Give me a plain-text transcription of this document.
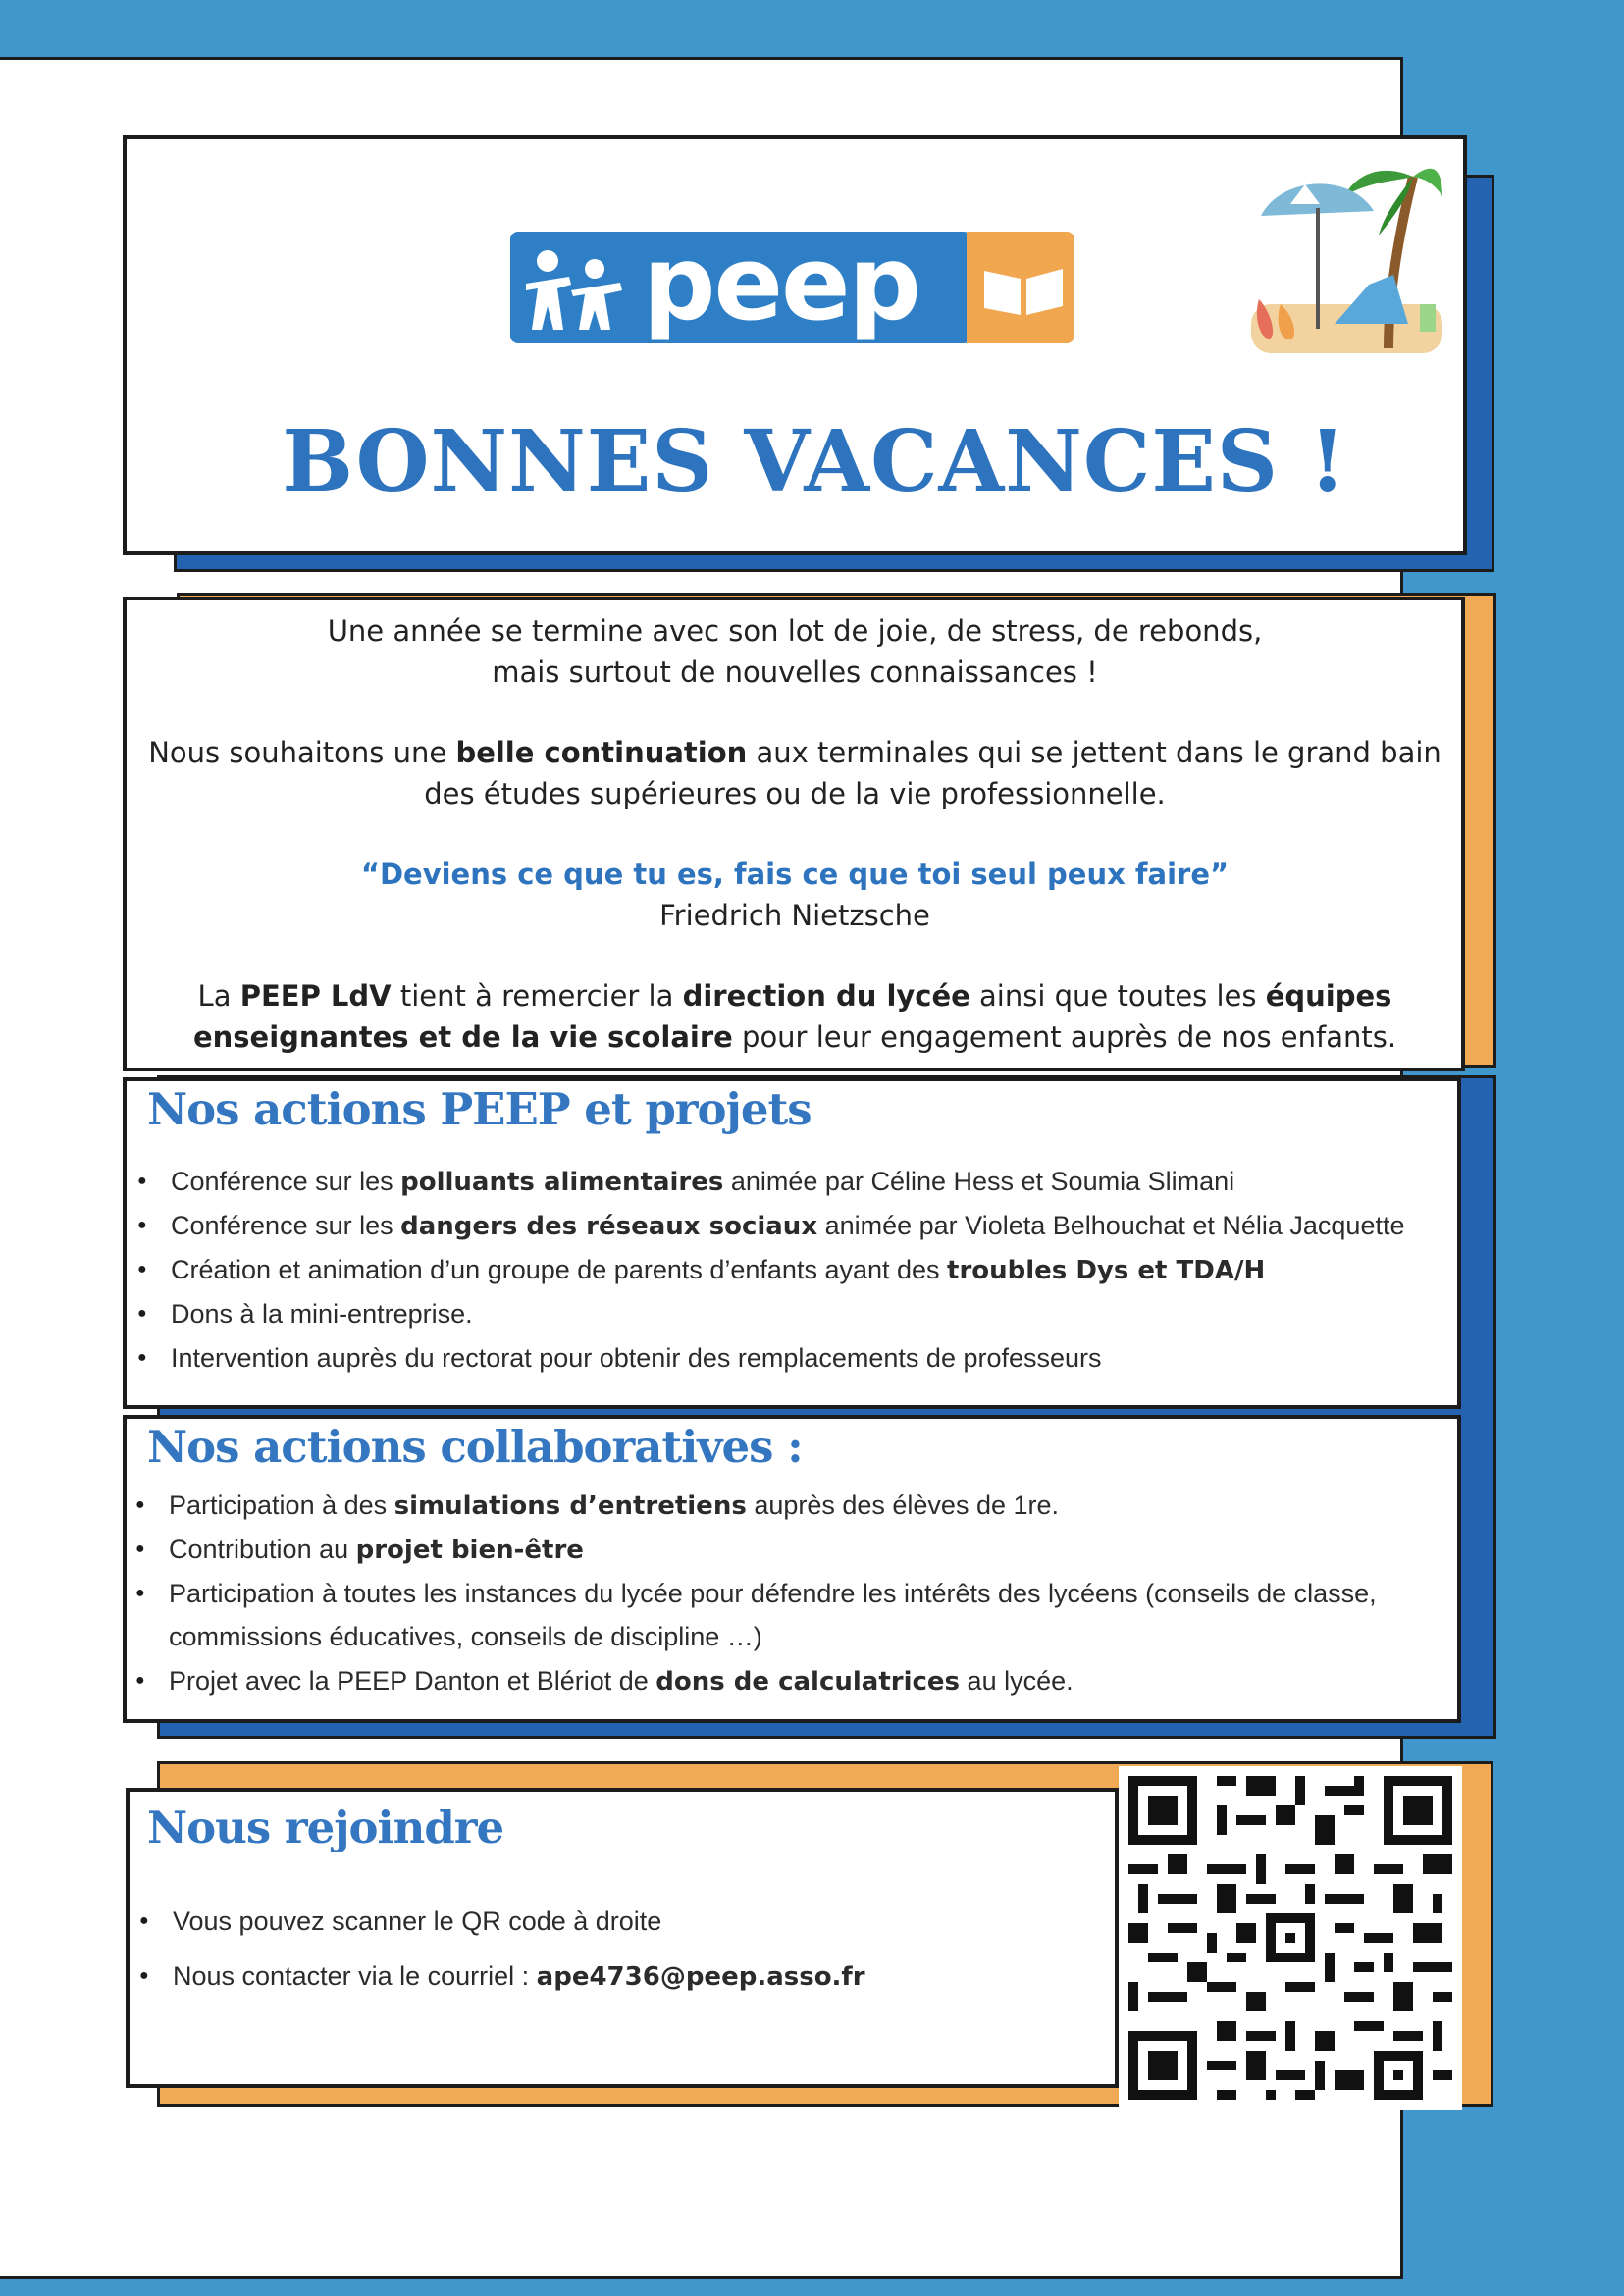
peep
BONNES VACANCES !

Une année se termine avec son lot de joie, de stress, de rebonds,

mais surtout de nouvelles connaissances !

Nous souhaitons une belle continuation aux terminales qui se jettent dans le grand bain

des études supérieures ou de la vie professionnelle.

“Deviens ce que tu es, fais ce que toi seul peux faire”

Friedrich Nietzsche

La PEEP LdV tient à remercier la direction du lycée ainsi que toutes les équipes

enseignantes et de la vie scolaire pour leur engagement auprès de nos enfants.

Nos actions PEEP et projets
● Conférence sur les polluants alimentaires animée par Céline Hess et Soumia Slimani
● Conférence sur les dangers des réseaux sociaux animée par Violeta Belhouchat et Nélia Jacquette
● Création et animation d’un groupe de parents d’enfants ayant des troubles Dys et TDA/H
● Dons à la mini-entreprise.
● Intervention auprès du rectorat pour obtenir des remplacements de professeurs
Nos actions collaboratives :
● Participation à des simulations d’entretiens auprès des élèves de 1re.
● Contribution au projet bien-être
● Participation à toutes les instances du lycée pour défendre les intérêts des lycéens (conseils de classe, commissions éducatives, conseils de discipline …)
● Projet avec la PEEP Danton et Blériot de dons de calculatrices au lycée.
Nous rejoindre
● Vous pouvez scanner le QR code à droite
● Nous contacter via le courriel : ape4736@peep.asso.fr
